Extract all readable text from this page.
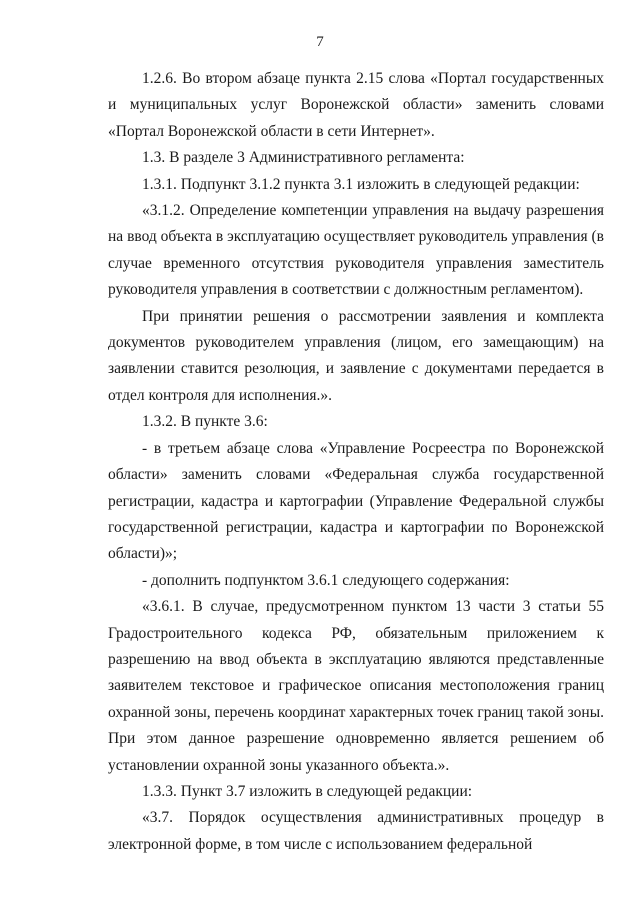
7

1.2.6. Во втором абзаце пункта 2.15 слова «Портал государственных и муниципальных услуг Воронежской области» заменить словами «Портал Воронежской области в сети Интернет».

1.3. В разделе 3 Административного регламента:

1.3.1. Подпункт 3.1.2 пункта 3.1 изложить в следующей редакции:

«3.1.2. Определение компетенции управления на выдачу разрешения на ввод объекта в эксплуатацию осуществляет руководитель управления (в случае временного отсутствия руководителя управления заместитель руководителя управления в соответствии с должностным регламентом).

При принятии решения о рассмотрении заявления и комплекта документов руководителем управления (лицом, его замещающим) на заявлении ставится резолюция, и заявление с документами передается в отдел контроля для исполнения.».

1.3.2. В пункте 3.6:

- в третьем абзаце слова «Управление Росреестра по Воронежской области» заменить словами «Федеральная служба государственной регистрации, кадастра и картографии (Управление Федеральной службы государственной регистрации, кадастра и картографии по Воронежской области)»;

- дополнить подпунктом 3.6.1 следующего содержания:

«3.6.1. В случае, предусмотренном пунктом 13 части 3 статьи 55 Градостроительного кодекса РФ, обязательным приложением к разрешению на ввод объекта в эксплуатацию являются представленные заявителем текстовое и графическое описания местоположения границ охранной зоны, перечень координат характерных точек границ такой зоны. При этом данное разрешение одновременно является решением об установлении охранной зоны указанного объекта.».

1.3.3. Пункт 3.7 изложить в следующей редакции:

«3.7. Порядок осуществления административных процедур в электронной форме, в том числе с использованием федеральной
